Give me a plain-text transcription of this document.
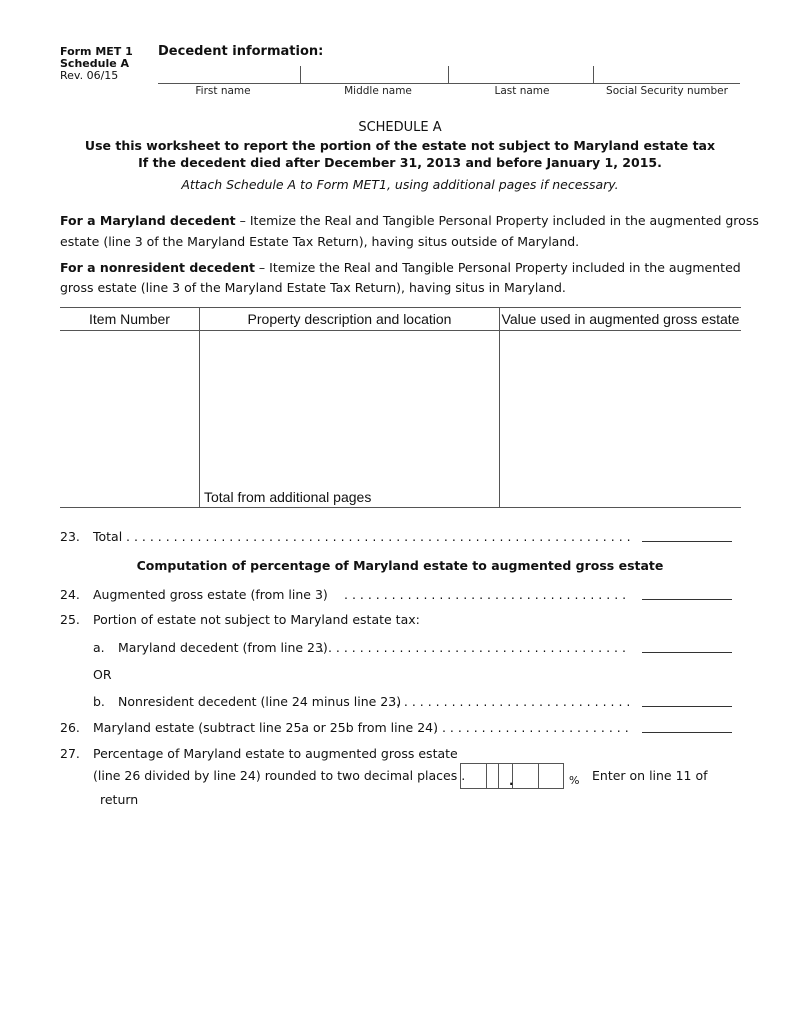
Form MET 1
Schedule A
Rev. 06/15
Decedent information:
First name	Middle name	Last name	Social Security number
SCHEDULE A
Use this worksheet to report the portion of the estate not subject to Maryland estate tax
If the decedent died after December 31, 2013 and before January 1, 2015.
Attach Schedule A to Form MET1, using additional pages if necessary.
For a Maryland decedent – Itemize the Real and Tangible Personal Property included in the augmented gross
estate (line 3 of the Maryland Estate Tax Return), having situs outside of Maryland.
For a nonresident decedent – Itemize the Real and Tangible Personal Property included in the augmented
gross estate (line 3 of the Maryland Estate Tax Return), having situs in Maryland.
Item Number	Property description and location	Value used in augmented gross estate
Total from additional pages
23. Total
. . .
Computation of percentage of Maryland estate to augmented gross estate
24. Augmented gross estate (from line 3)
. . .
25. Portion of estate not subject to Maryland estate tax:
a. Maryland decedent (from line 23)
. . .
OR
b. Nonresident decedent (line 24 minus line 23)
. . .
26. Maryland estate (subtract line 25a or 25b from line 24)
. . .
27. Percentage of Maryland estate to augmented gross estate
(line 26 divided by line 24) rounded to two decimal places .	.	% Enter on line 11 of
return
